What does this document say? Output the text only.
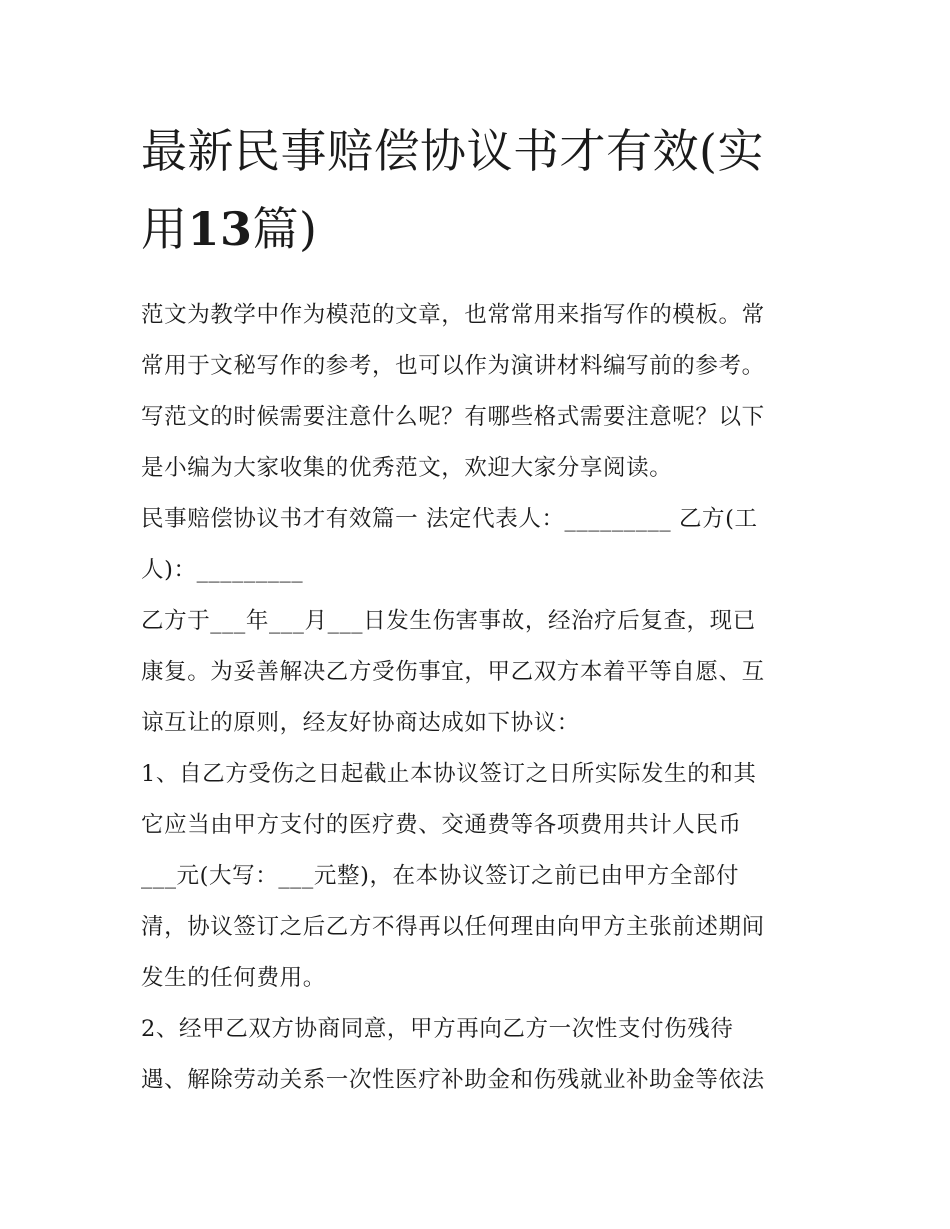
最新民事赔偿协议书才有效(实
用13篇)

范文为教学中作为模范的文章，也常常用来指写作的模板。常
常用于文秘写作的参考，也可以作为演讲材料编写前的参考。
写范文的时候需要注意什么呢？有哪些格式需要注意呢？以下
是小编为大家收集的优秀范文，欢迎大家分享阅读。

民事赔偿协议书才有效篇一 法定代表人：_________ 乙方(工
人)：_________

乙方于___年___月___日发生伤害事故，经治疗后复查，现已
康复。为妥善解决乙方受伤事宜，甲乙双方本着平等自愿、互
谅互让的原则，经友好协商达成如下协议：

1、自乙方受伤之日起截止本协议签订之日所实际发生的和其
它应当由甲方支付的医疗费、交通费等各项费用共计人民币
___元(大写：___元整)，在本协议签订之前已由甲方全部付
清，协议签订之后乙方不得再以任何理由向甲方主张前述期间
发生的任何费用。

2、经甲乙双方协商同意，甲方再向乙方一次性支付伤残待
遇、解除劳动关系一次性医疗补助金和伤残就业补助金等依法
